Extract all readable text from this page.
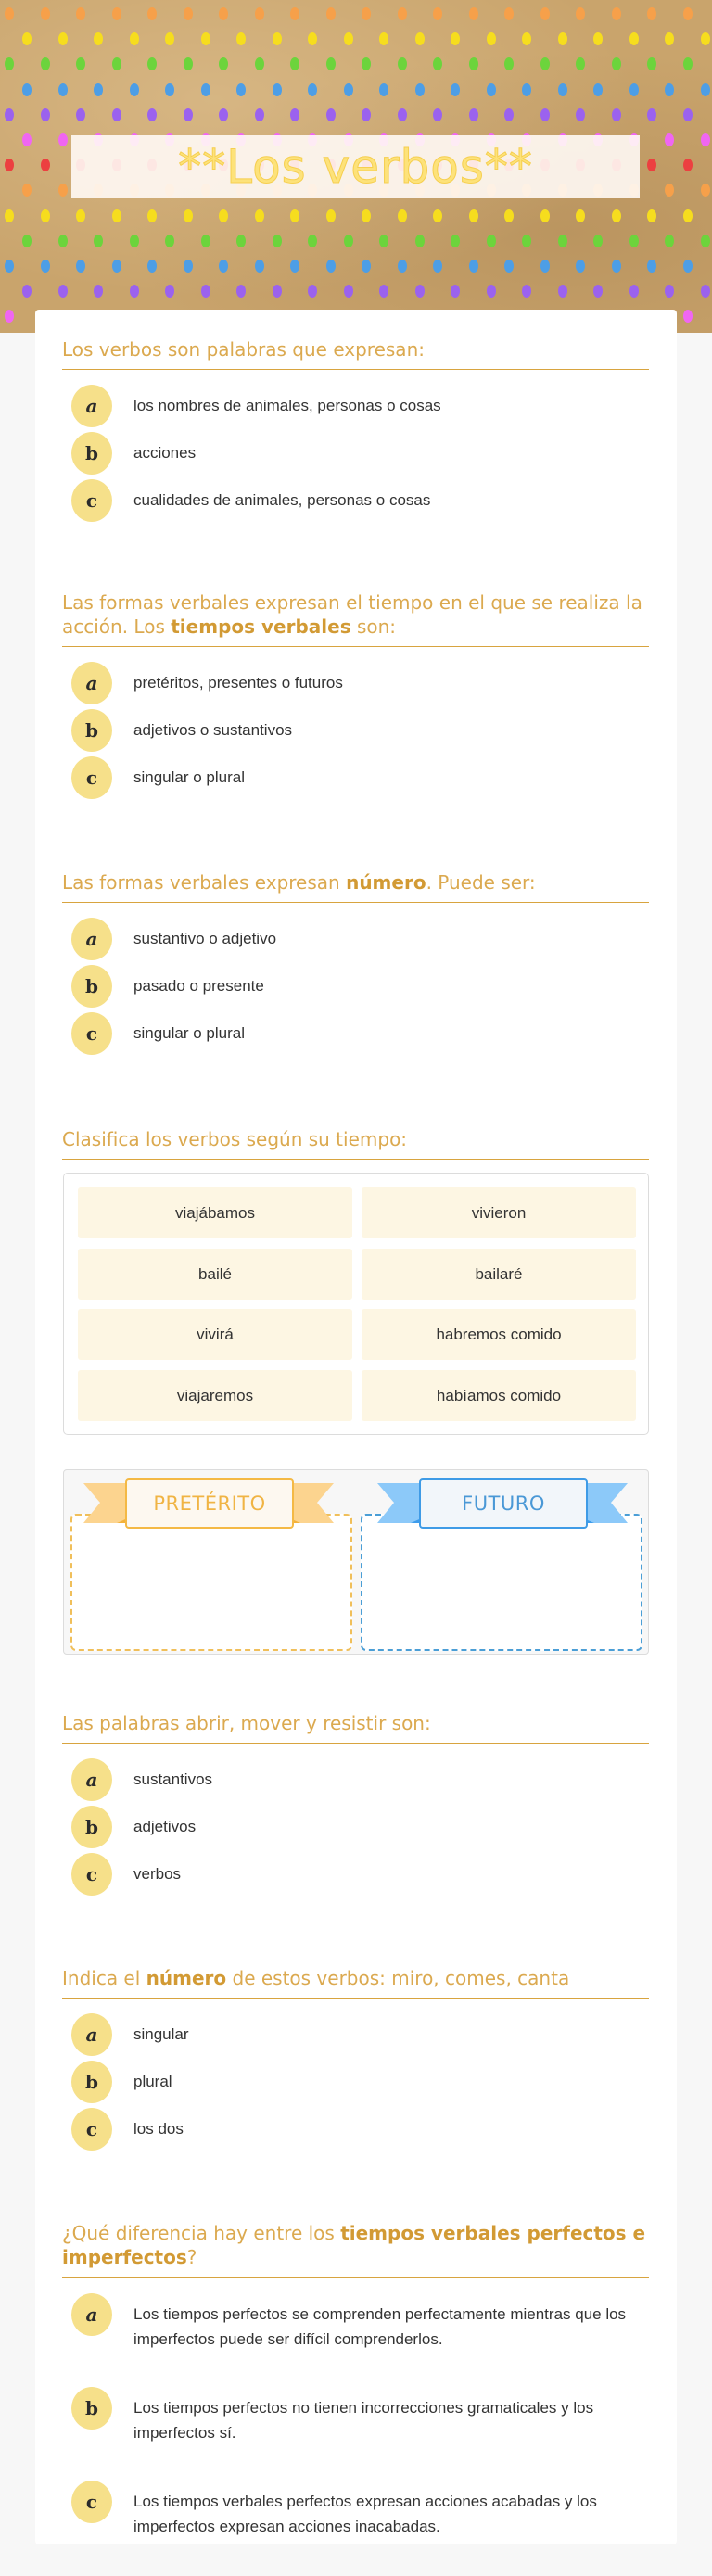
**Los verbos**
Los verbos son palabras que expresan:
a	los nombres de animales, personas o cosas
b	acciones
c	cualidades de animales, personas o cosas
Las formas verbales expresan el tiempo en el que se realiza la acción. Los tiempos verbales son:
a	pretéritos, presentes o futuros
b	adjetivos o sustantivos
c	singular o plural
Las formas verbales expresan número. Puede ser:
a	sustantivo o adjetivo
b	pasado o presente
c	singular o plural
Clasifica los verbos según su tiempo:
viajábamos	vivieron
bailé	bailaré
vivirá	habremos comido
viajaremos	habíamos comido
PRETÉRITO	FUTURO
Las palabras abrir, mover y resistir son:
a	sustantivos
b	adjetivos
c	verbos
Indica el número de estos verbos: miro, comes, canta
a	singular
b	plural
c	los dos
¿Qué diferencia hay entre los tiempos verbales perfectos e imperfectos?
a	Los tiempos perfectos se comprenden perfectamente mientras que los imperfectos puede ser difícil comprenderlos.
b	Los tiempos perfectos no tienen incorrecciones gramaticales y los imperfectos sí.
c	Los tiempos verbales perfectos expresan acciones acabadas y los imperfectos expresan acciones inacabadas.
